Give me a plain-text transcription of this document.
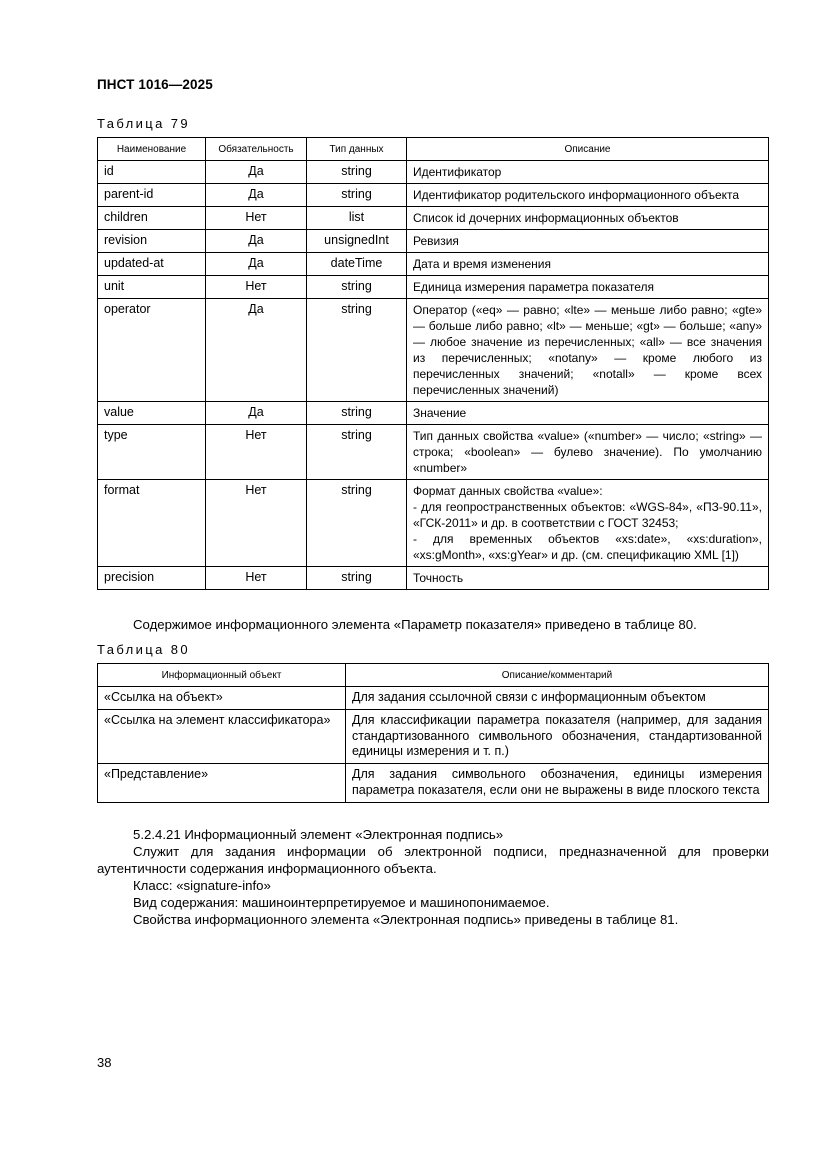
ПНСТ 1016—2025
Таблица 79
Наименование	Обязательность	Тип данных	Описание
id	Да	string	Идентификатор
parent-id	Да	string	Идентификатор родительского информационного объекта
children	Нет	list	Список id дочерних информационных объектов
revision	Да	unsignedInt	Ревизия
updated-at	Да	dateTime	Дата и время изменения
unit	Нет	string	Единица измерения параметра показателя
operator	Да	string	Оператор («eq» — равно; «lte» — меньше либо равно; «gte» — больше либо равно; «lt» — меньше; «gt» — больше; «any» — любое значение из перечисленных; «all» — все значения из перечисленных; «notany» — кроме любого из перечисленных значений; «notall» — кроме всех перечисленных значений)
value	Да	string	Значение
type	Нет	string	Тип данных свойства «value» («number» — число; «string» — строка; «boolean» — булево значение). По умолчанию «number»
format	Нет	string	Формат данных свойства «value»:
- для геопространственных объектов: «WGS-84», «ПЗ-90.11», «ГСК-2011» и др. в соответствии с ГОСТ 32453;
- для временных объектов «xs:date», «xs:duration», «xs:gMonth», «xs:gYear» и др. (см. спецификацию XML [1])
precision	Нет	string	Точность

Содержимое информационного элемента «Параметр показателя» приведено в таблице 80.

Таблица 80
Информационный объект	Описание/комментарий
«Ссылка на объект»	Для задания ссылочной связи с информационным объектом
«Ссылка на элемент классификатора»	Для классификации параметра показателя (например, для задания стандартизованного символьного обозначения, стандартизованной единицы измерения и т. п.)
«Представление»	Для задания символьного обозначения, единицы измерения параметра показателя, если они не выражены в виде плоского текста

5.2.4.21 Информационный элемент «Электронная подпись»

Служит для задания информации об электронной подписи, предназначенной для проверки аутентичности содержания информационного объекта.

Класс: «signature-info»

Вид содержания: машиноинтерпретируемое и машинопонимаемое.

Свойства информационного элемента «Электронная подпись» приведены в таблице 81.

38
